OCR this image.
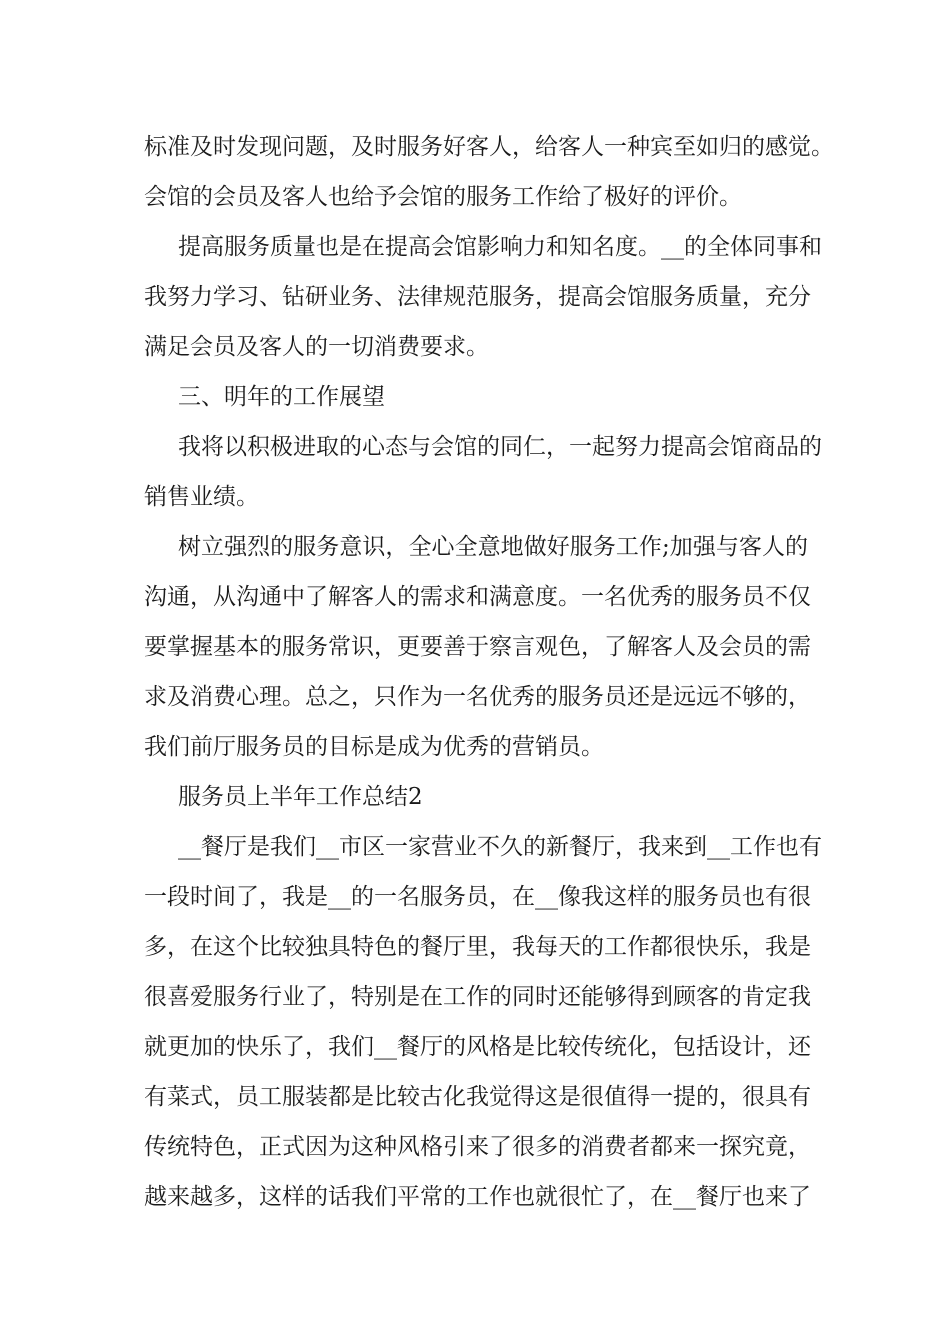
标准及时发现问题，及时服务好客人，给客人一种宾至如归的感觉。
会馆的会员及客人也给予会馆的服务工作给了极好的评价。
提高服务质量也是在提高会馆影响力和知名度。__的全体同事和
我努力学习、钻研业务、法律规范服务，提高会馆服务质量，充分
满足会员及客人的一切消费要求。
三、明年的工作展望
我将以积极进取的心态与会馆的同仁，一起努力提高会馆商品的
销售业绩。
树立强烈的服务意识，全心全意地做好服务工作;加强与客人的
沟通，从沟通中了解客人的需求和满意度。一名优秀的服务员不仅
要掌握基本的服务常识，更要善于察言观色，了解客人及会员的需
求及消费心理。总之，只作为一名优秀的服务员还是远远不够的，
我们前厅服务员的目标是成为优秀的营销员。
服务员上半年工作总结2
__餐厅是我们__市区一家营业不久的新餐厅，我来到__工作也有
一段时间了，我是__的一名服务员，在__像我这样的服务员也有很
多，在这个比较独具特色的餐厅里，我每天的工作都很快乐，我是
很喜爱服务行业了，特别是在工作的同时还能够得到顾客的肯定我
就更加的快乐了，我们__餐厅的风格是比较传统化，包括设计，还
有菜式，员工服装都是比较古化我觉得这是很值得一提的，很具有
传统特色，正式因为这种风格引来了很多的消费者都来一探究竟，
越来越多，这样的话我们平常的工作也就很忙了，在__餐厅也来了
